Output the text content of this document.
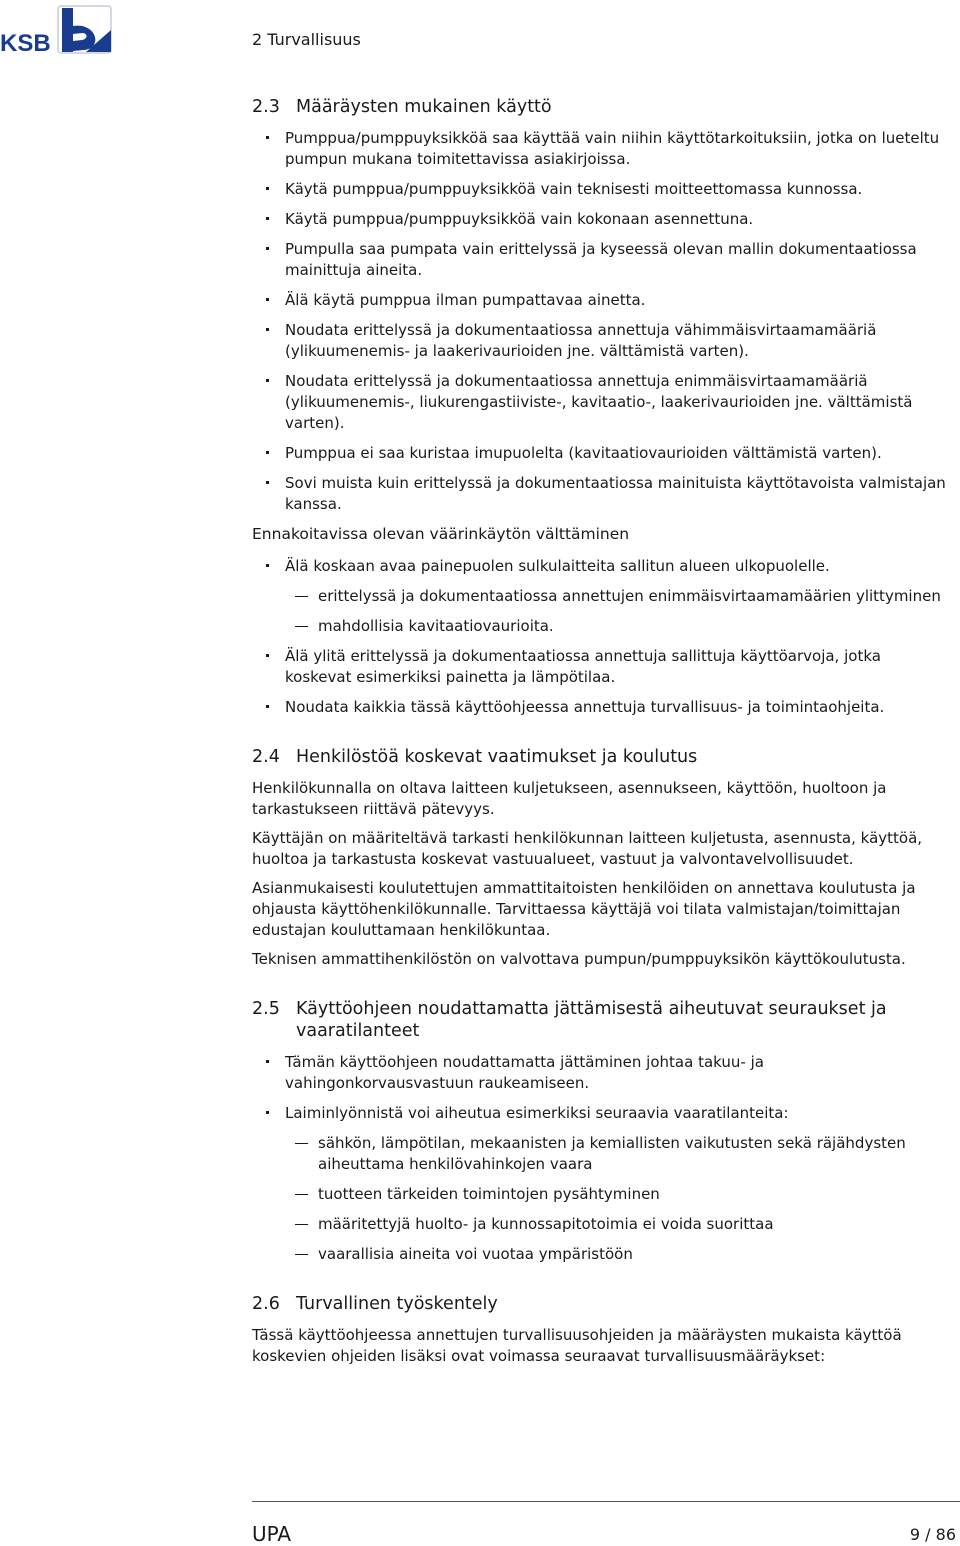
KSB	2 Turvallisuus
2.3 Määräysten mukainen käyttö
Pumppua/pumppuyksikköä saa käyttää vain niihin käyttötarkoituksiin, jotka on lueteltu pumpun mukana toimitettavissa asiakirjoissa.
Käytä pumppua/pumppuyksikköä vain teknisesti moitteettomassa kunnossa.
Käytä pumppua/pumppuyksikköä vain kokonaan asennettuna.
Pumpulla saa pumpata vain erittelyssä ja kyseessä olevan mallin dokumentaatiossa mainittuja aineita.
Älä käytä pumppua ilman pumpattavaa ainetta.
Noudata erittelyssä ja dokumentaatiossa annettuja vähimmäisvirtaamamääriä (ylikuumenemis- ja laakerivaurioiden jne. välttämistä varten).
Noudata erittelyssä ja dokumentaatiossa annettuja enimmäisvirtaamamääriä (ylikuumenemis-, liukurengastiiviste-, kavitaatio-, laakerivaurioiden jne. välttämistä varten).
Pumppua ei saa kuristaa imupuolelta (kavitaatiovaurioiden välttämistä varten).
Sovi muista kuin erittelyssä ja dokumentaatiossa mainituista käyttötavoista valmistajan kanssa.
Ennakoitavissa olevan väärinkäytön välttäminen
Älä koskaan avaa painepuolen sulkulaitteita sallitun alueen ulkopuolelle.
erittelyssä ja dokumentaatiossa annettujen enimmäisvirtaamamäärien ylittyminen
mahdollisia kavitaatiovaurioita.
Älä ylitä erittelyssä ja dokumentaatiossa annettuja sallittuja käyttöarvoja, jotka koskevat esimerkiksi painetta ja lämpötilaa.
Noudata kaikkia tässä käyttöohjeessa annettuja turvallisuus- ja toimintaohjeita.
2.4 Henkilöstöä koskevat vaatimukset ja koulutus

Henkilökunnalla on oltava laitteen kuljetukseen, asennukseen, käyttöön, huoltoon ja tarkastukseen riittävä pätevyys.

Käyttäjän on määriteltävä tarkasti henkilökunnan laitteen kuljetusta, asennusta, käyttöä, huoltoa ja tarkastusta koskevat vastuualueet, vastuut ja valvontavelvollisuudet.

Asianmukaisesti koulutettujen ammattitaitoisten henkilöiden on annettava koulutusta ja ohjausta käyttöhenkilökunnalle. Tarvittaessa käyttäjä voi tilata valmistajan/toimittajan edustajan kouluttamaan henkilökuntaa.

Teknisen ammattihenkilöstön on valvottava pumpun/pumppuyksikön käyttökoulutusta.

2.5 Käyttöohjeen noudattamatta jättämisestä aiheutuvat seuraukset ja vaaratilanteet
Tämän käyttöohjeen noudattamatta jättäminen johtaa takuu- ja vahingonkorvausvastuun raukeamiseen.
Laiminlyönnistä voi aiheutua esimerkiksi seuraavia vaaratilanteita:
sähkön, lämpötilan, mekaanisten ja kemiallisten vaikutusten sekä räjähdysten aiheuttama henkilövahinkojen vaara
tuotteen tärkeiden toimintojen pysähtyminen
määritettyjä huolto- ja kunnossapitotoimia ei voida suorittaa
vaarallisia aineita voi vuotaa ympäristöön
2.6 Turvallinen työskentely

Tässä käyttöohjeessa annettujen turvallisuusohjeiden ja määräysten mukaista käyttöä koskevien ohjeiden lisäksi ovat voimassa seuraavat turvallisuusmääräykset:

UPA	9 / 86
